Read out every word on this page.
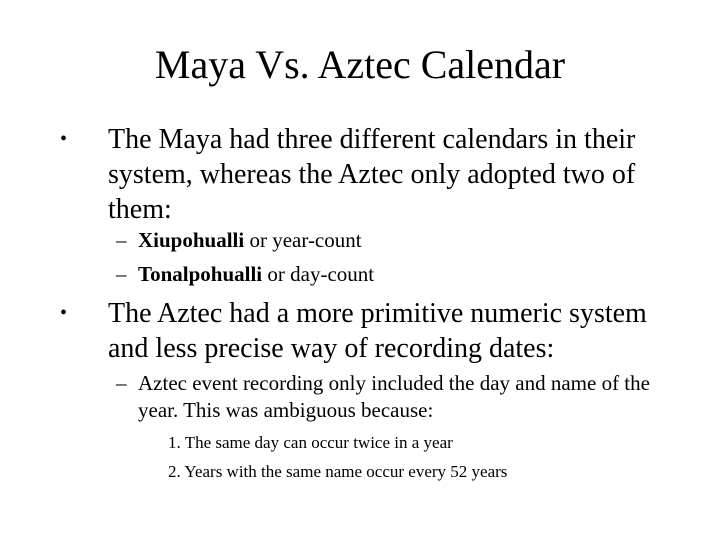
Maya Vs. Aztec Calendar
• The Maya had three different calendars in their system, whereas the Aztec only adopted two of them:
– Xiupohualli or year-count
– Tonalpohualli or day-count
• The Aztec had a more primitive numeric system and less precise way of recording dates:
– Aztec event recording only included the day and name of the year. This was ambiguous because:
1. The same day can occur twice in a year
2. Years with the same name occur every 52 years
